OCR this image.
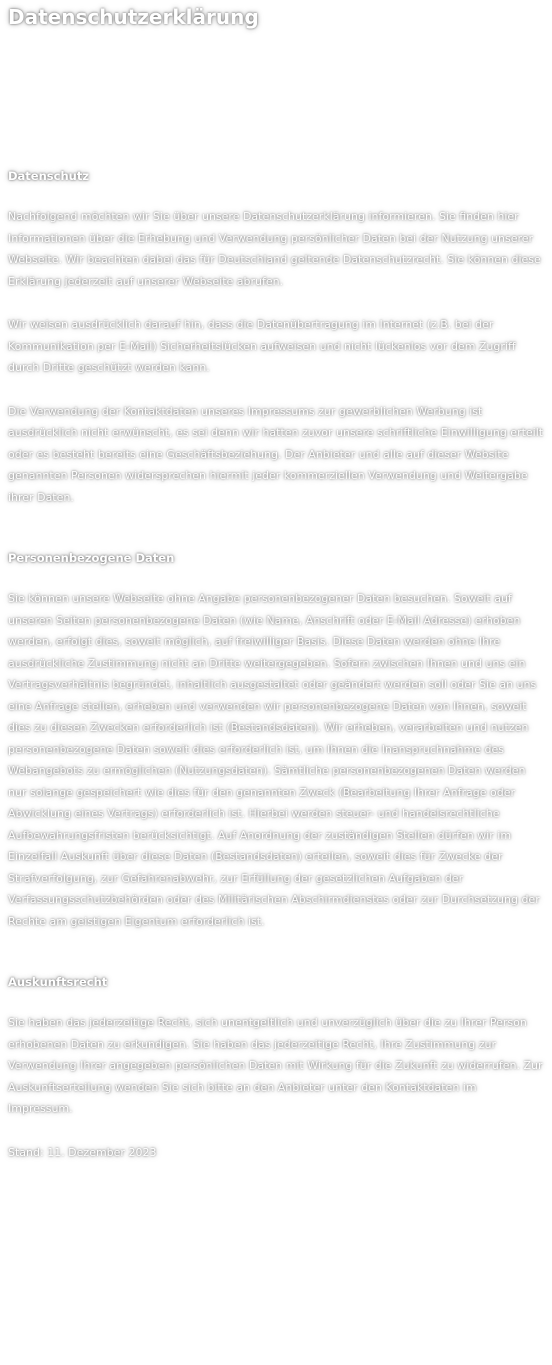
Datenschutzerklärung
Datenschutz

Nachfolgend möchten wir Sie über unsere Datenschutzerklärung informieren. Sie finden hier Informationen über die Erhebung und Verwendung persönlicher Daten bei der Nutzung unserer Webseite. Wir beachten dabei das für Deutschland geltende Datenschutzrecht. Sie können diese Erklärung jederzeit auf unserer Webseite abrufen.

Wir weisen ausdrücklich darauf hin, dass die Datenübertragung im Internet (z.B. bei der Kommunikation per E-Mail) Sicherheitslücken aufweisen und nicht lückenlos vor dem Zugriff durch Dritte geschützt werden kann.

Die Verwendung der Kontaktdaten unseres Impressums zur gewerblichen Werbung ist ausdrücklich nicht erwünscht, es sei denn wir hatten zuvor unsere schriftliche Einwilligung erteilt oder es besteht bereits eine Geschäftsbeziehung. Der Anbieter und alle auf dieser Website genannten Personen widersprechen hiermit jeder kommerziellen Verwendung und Weitergabe ihrer Daten.

Personenbezogene Daten

Sie können unsere Webseite ohne Angabe personenbezogener Daten besuchen. Soweit auf unseren Seiten personenbezogene Daten (wie Name, Anschrift oder E-Mail Adresse) erhoben werden, erfolgt dies, soweit möglich, auf freiwilliger Basis. Diese Daten werden ohne Ihre ausdrückliche Zustimmung nicht an Dritte weitergegeben. Sofern zwischen Ihnen und uns ein Vertragsverhältnis begründet, inhaltlich ausgestaltet oder geändert werden soll oder Sie an uns eine Anfrage stellen, erheben und verwenden wir personenbezogene Daten von Ihnen, soweit dies zu diesen Zwecken erforderlich ist (Bestandsdaten). Wir erheben, verarbeiten und nutzen personenbezogene Daten soweit dies erforderlich ist, um Ihnen die Inanspruchnahme des Webangebots zu ermöglichen (Nutzungsdaten). Sämtliche personenbezogenen Daten werden nur solange gespeichert wie dies für den genannten Zweck (Bearbeitung Ihrer Anfrage oder Abwicklung eines Vertrags) erforderlich ist. Hierbei werden steuer- und handelsrechtliche Aufbewahrungsfristen berücksichtigt. Auf Anordnung der zuständigen Stellen dürfen wir im Einzelfall Auskunft über diese Daten (Bestandsdaten) erteilen, soweit dies für Zwecke der Strafverfolgung, zur Gefahrenabwehr, zur Erfüllung der gesetzlichen Aufgaben der Verfassungsschutzbehörden oder des Militärischen Abschirmdienstes oder zur Durchsetzung der Rechte am geistigen Eigentum erforderlich ist.

Auskunftsrecht

Sie haben das jederzeitige Recht, sich unentgeltlich und unverzüglich über die zu Ihrer Person erhobenen Daten zu erkundigen. Sie haben das jederzeitige Recht, Ihre Zustimmung zur Verwendung Ihrer angegeben persönlichen Daten mit Wirkung für die Zukunft zu widerrufen. Zur Auskunftserteilung wenden Sie sich bitte an den Anbieter unter den Kontaktdaten im Impressum.

Stand: 11. Dezember 2023
